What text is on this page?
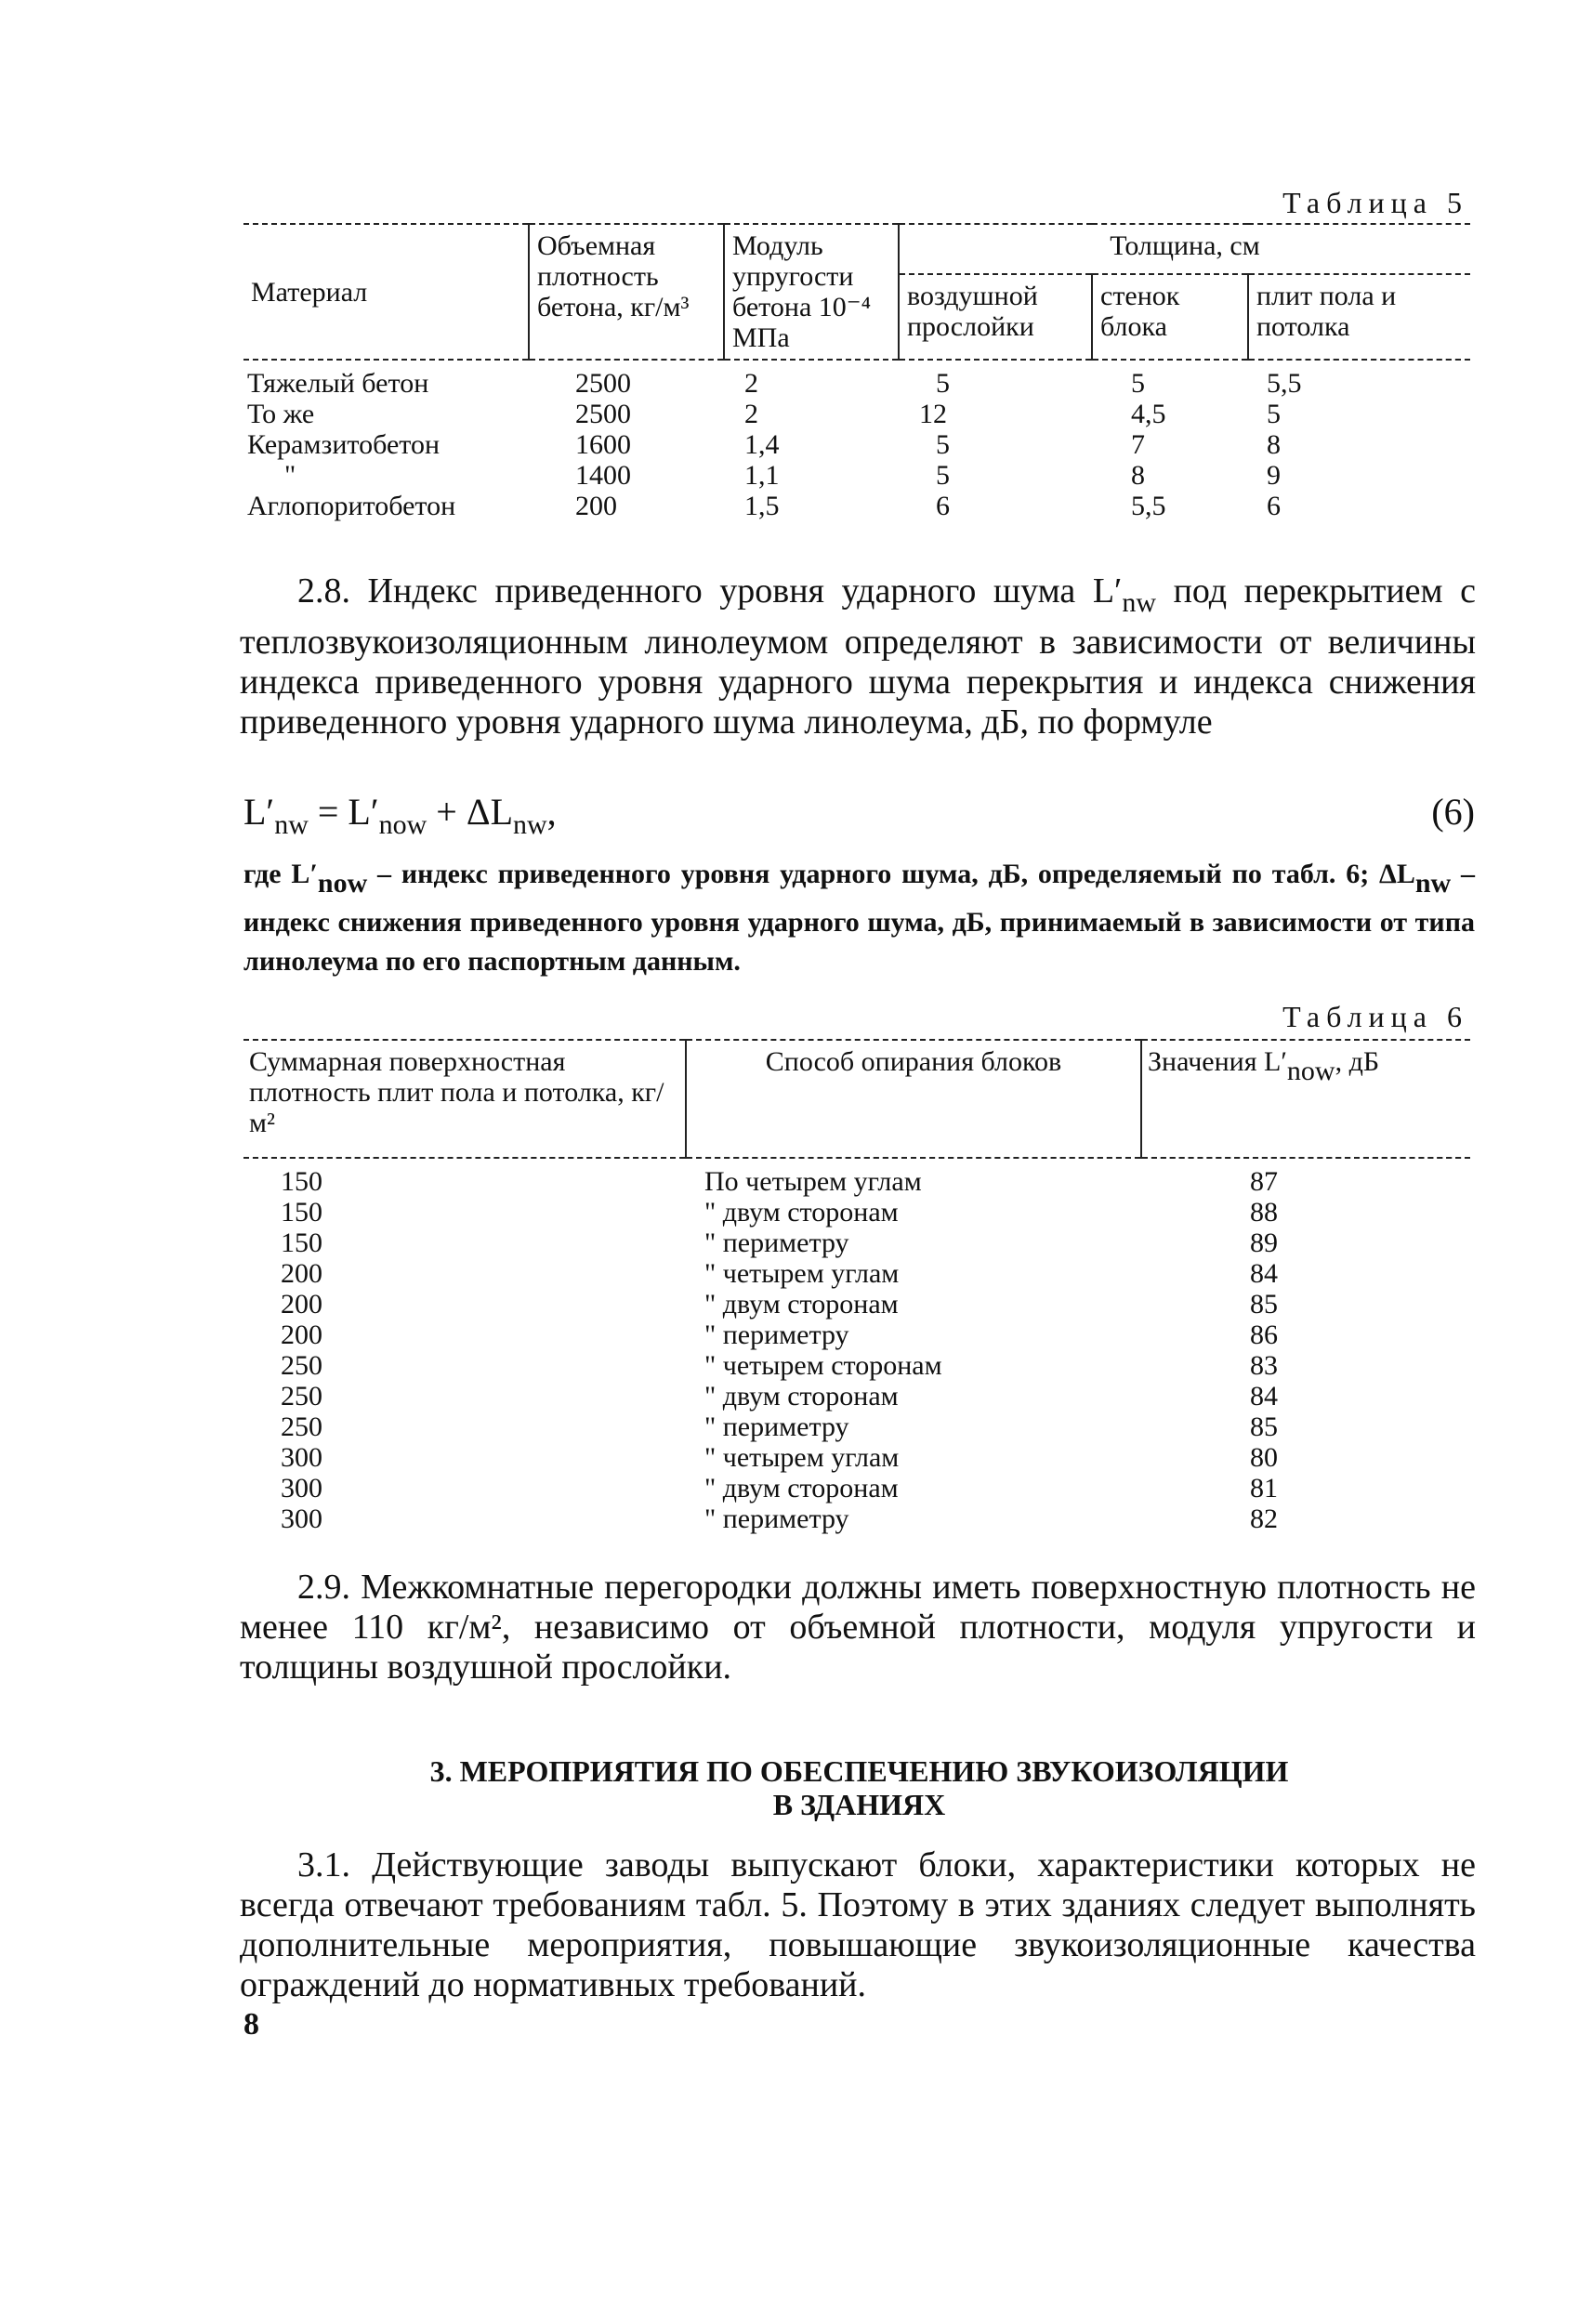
Таблица 5
Материал	Объемная плотность бетона, кг/м³	Модуль упругости бетона 10⁻⁴ МПа	Толщина, см		
			воздушной прослойки	стенок блока	плит пола и потолка
Тяжелый бетон	2500	2	5	5	5,5
То же	2500	2	12	4,5	5
Керамзитобетон	1600	1,4	5	7	8
"	1400	1,1	5	8	9
Аглопоритобетон	200	1,5	6	5,5	6
2.8. Индекс приведенного уровня ударного шума $L'_{nw}$ под перекрытием с теплозвукоизоляционным линолеумом определяют в зависимости от величины индекса приведенного уровня ударного шума перекрытия и индекса снижения приведенного уровня ударного шума линолеума, дБ, по формуле
$L'_{nw} = L'_{now} + \Delta L_{nw}$,	(6)
где L′now – индекс приведенного уровня ударного шума, дБ, определяемый по табл. 6; ΔLnw – индекс снижения приведенного уровня ударного шума, дБ, принимаемый в зависимости от типа линолеума по его паспортным данным.
Таблица 6
Суммарная поверхностная плотность плит пола и потолка, кг/м²	Способ опирания блоков	Значения L′now, дБ
150	По четырем углам	87
150	" двум сторонам	88
150	" периметру	89
200	" четырем углам	84
200	" двум сторонам	85
200	" периметру	86
250	" четырем сторонам	83
250	" двум сторонам	84
250	" периметру	85
300	" четырем углам	80
300	" двум сторонам	81
300	" периметру	82
2.9. Межкомнатные перегородки должны иметь поверхностную плотность не менее 110 кг/м², независимо от объемной плотности, модуля упругости и толщины воздушной прослойки.
3. МЕРОПРИЯТИЯ ПО ОБЕСПЕЧЕНИЮ ЗВУКОИЗОЛЯЦИИ
В ЗДАНИЯХ
3.1. Действующие заводы выпускают блоки, характеристики которых не всегда отвечают требованиям табл. 5. Поэтому в этих зданиях следует выполнять дополнительные мероприятия, повышающие звукоизоляционные качества ограждений до нормативных требований.
8
